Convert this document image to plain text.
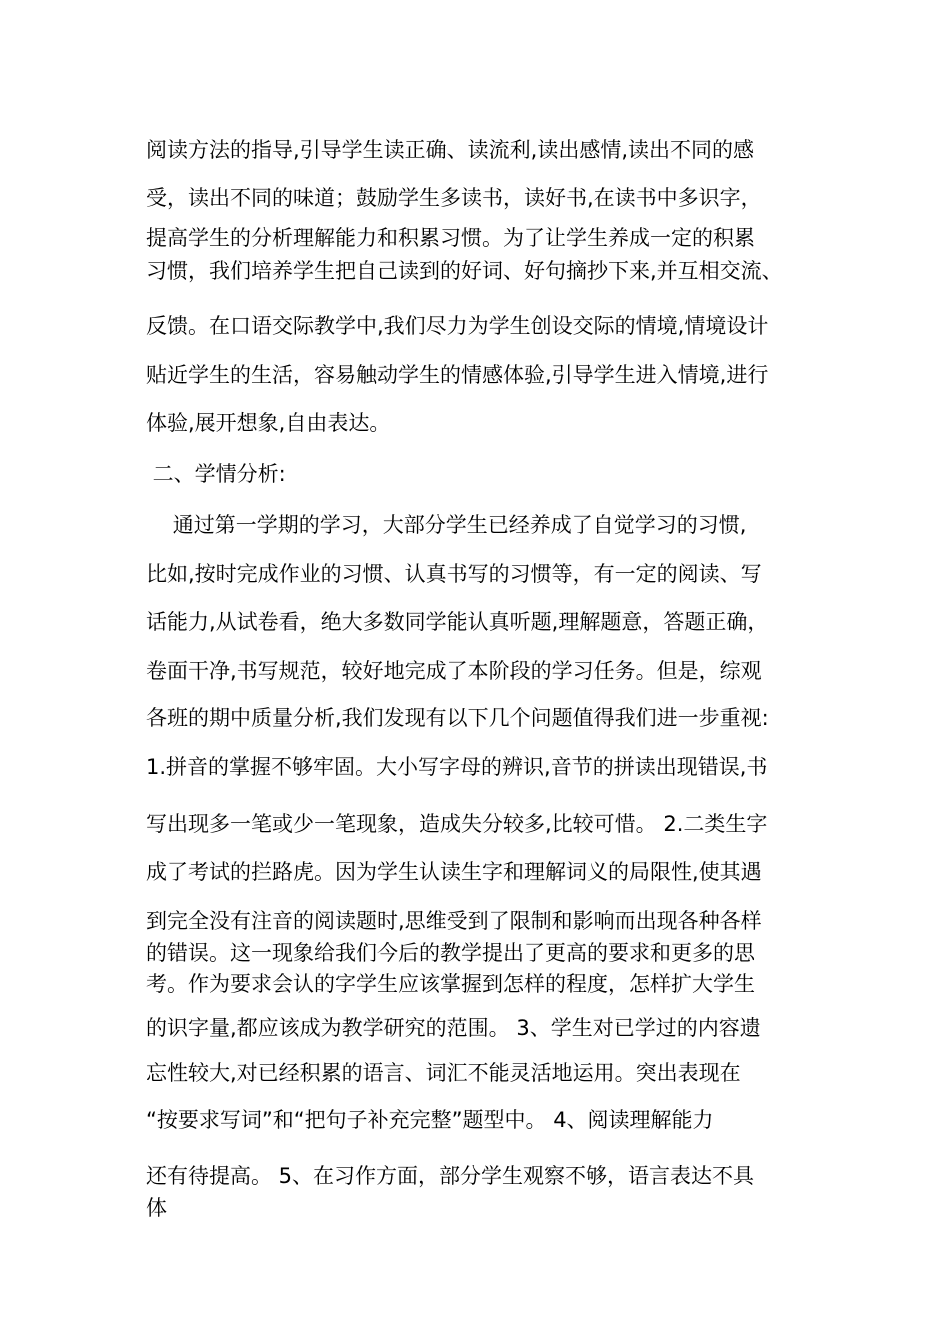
阅读方法的指导,引导学生读正确、读流利,读出感情,读出不同的感
受，读出不同的味道；鼓励学生多读书，读好书,在读书中多识字，
提高学生的分析理解能力和积累习惯。为了让学生养成一定的积累
习惯，我们培养学生把自己读到的好词、好句摘抄下来,并互相交流、
反馈。在口语交际教学中,我们尽力为学生创设交际的情境,情境设计
贴近学生的生活，容易触动学生的情感体验,引导学生进入情境,进行
体验,展开想象,自由表达。
二、学情分析:
通过第一学期的学习，大部分学生已经养成了自觉学习的习惯,
比如,按时完成作业的习惯、认真书写的习惯等，有一定的阅读、写
话能力,从试卷看，绝大多数同学能认真听题,理解题意，答题正确，
卷面干净,书写规范，较好地完成了本阶段的学习任务。但是，综观
各班的期中质量分析,我们发现有以下几个问题值得我们进一步重视:
1.拼音的掌握不够牢固。大小写字母的辨识,音节的拼读出现错误,书
写出现多一笔或少一笔现象，造成失分较多,比较可惜。 2.二类生字
成了考试的拦路虎。因为学生认读生字和理解词义的局限性,使其遇
到完全没有注音的阅读题时,思维受到了限制和影响而出现各种各样
的错误。这一现象给我们今后的教学提出了更高的要求和更多的思
考。作为要求会认的字学生应该掌握到怎样的程度，怎样扩大学生
的识字量,都应该成为教学研究的范围。 3、学生对已学过的内容遗
忘性较大,对已经积累的语言、词汇不能灵活地运用。突出表现在
“按要求写词”和“把句子补充完整”题型中。 4、阅读理解能力
还有待提高。 5、在习作方面，部分学生观察不够，语言表达不具
体
